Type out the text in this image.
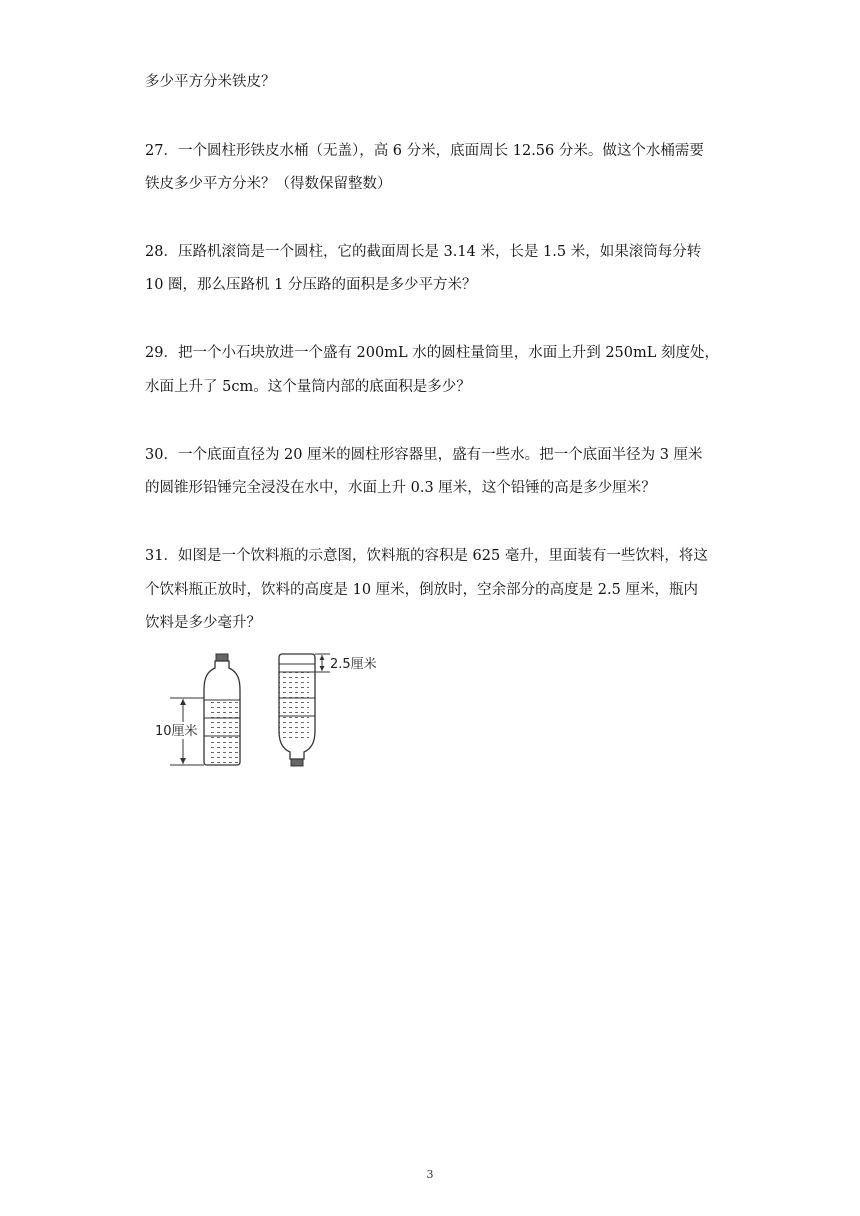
多少平方分米铁皮？
27．一个圆柱形铁皮水桶（无盖），高 6 分米，底面周长 12.56 分米。做这个水桶需要
铁皮多少平方分米？（得数保留整数）
28．压路机滚筒是一个圆柱，它的截面周长是 3.14 米，长是 1.5 米，如果滚筒每分转
10 圈，那么压路机 1 分压路的面积是多少平方米？
29．把一个小石块放进一个盛有 200mL 水的圆柱量筒里，水面上升到 250mL 刻度处，
水面上升了 5cm。这个量筒内部的底面积是多少？
30．一个底面直径为 20 厘米的圆柱形容器里，盛有一些水。把一个底面半径为 3 厘米
的圆锥形铅锤完全浸没在水中，水面上升 0.3 厘米，这个铅锤的高是多少厘米？
31．如图是一个饮料瓶的示意图，饮料瓶的容积是 625 毫升，里面装有一些饮料，将这
个饮料瓶正放时，饮料的高度是 10 厘米，倒放时，空余部分的高度是 2.5 厘米，瓶内
饮料是多少毫升？
10厘米
2.5厘米
3
